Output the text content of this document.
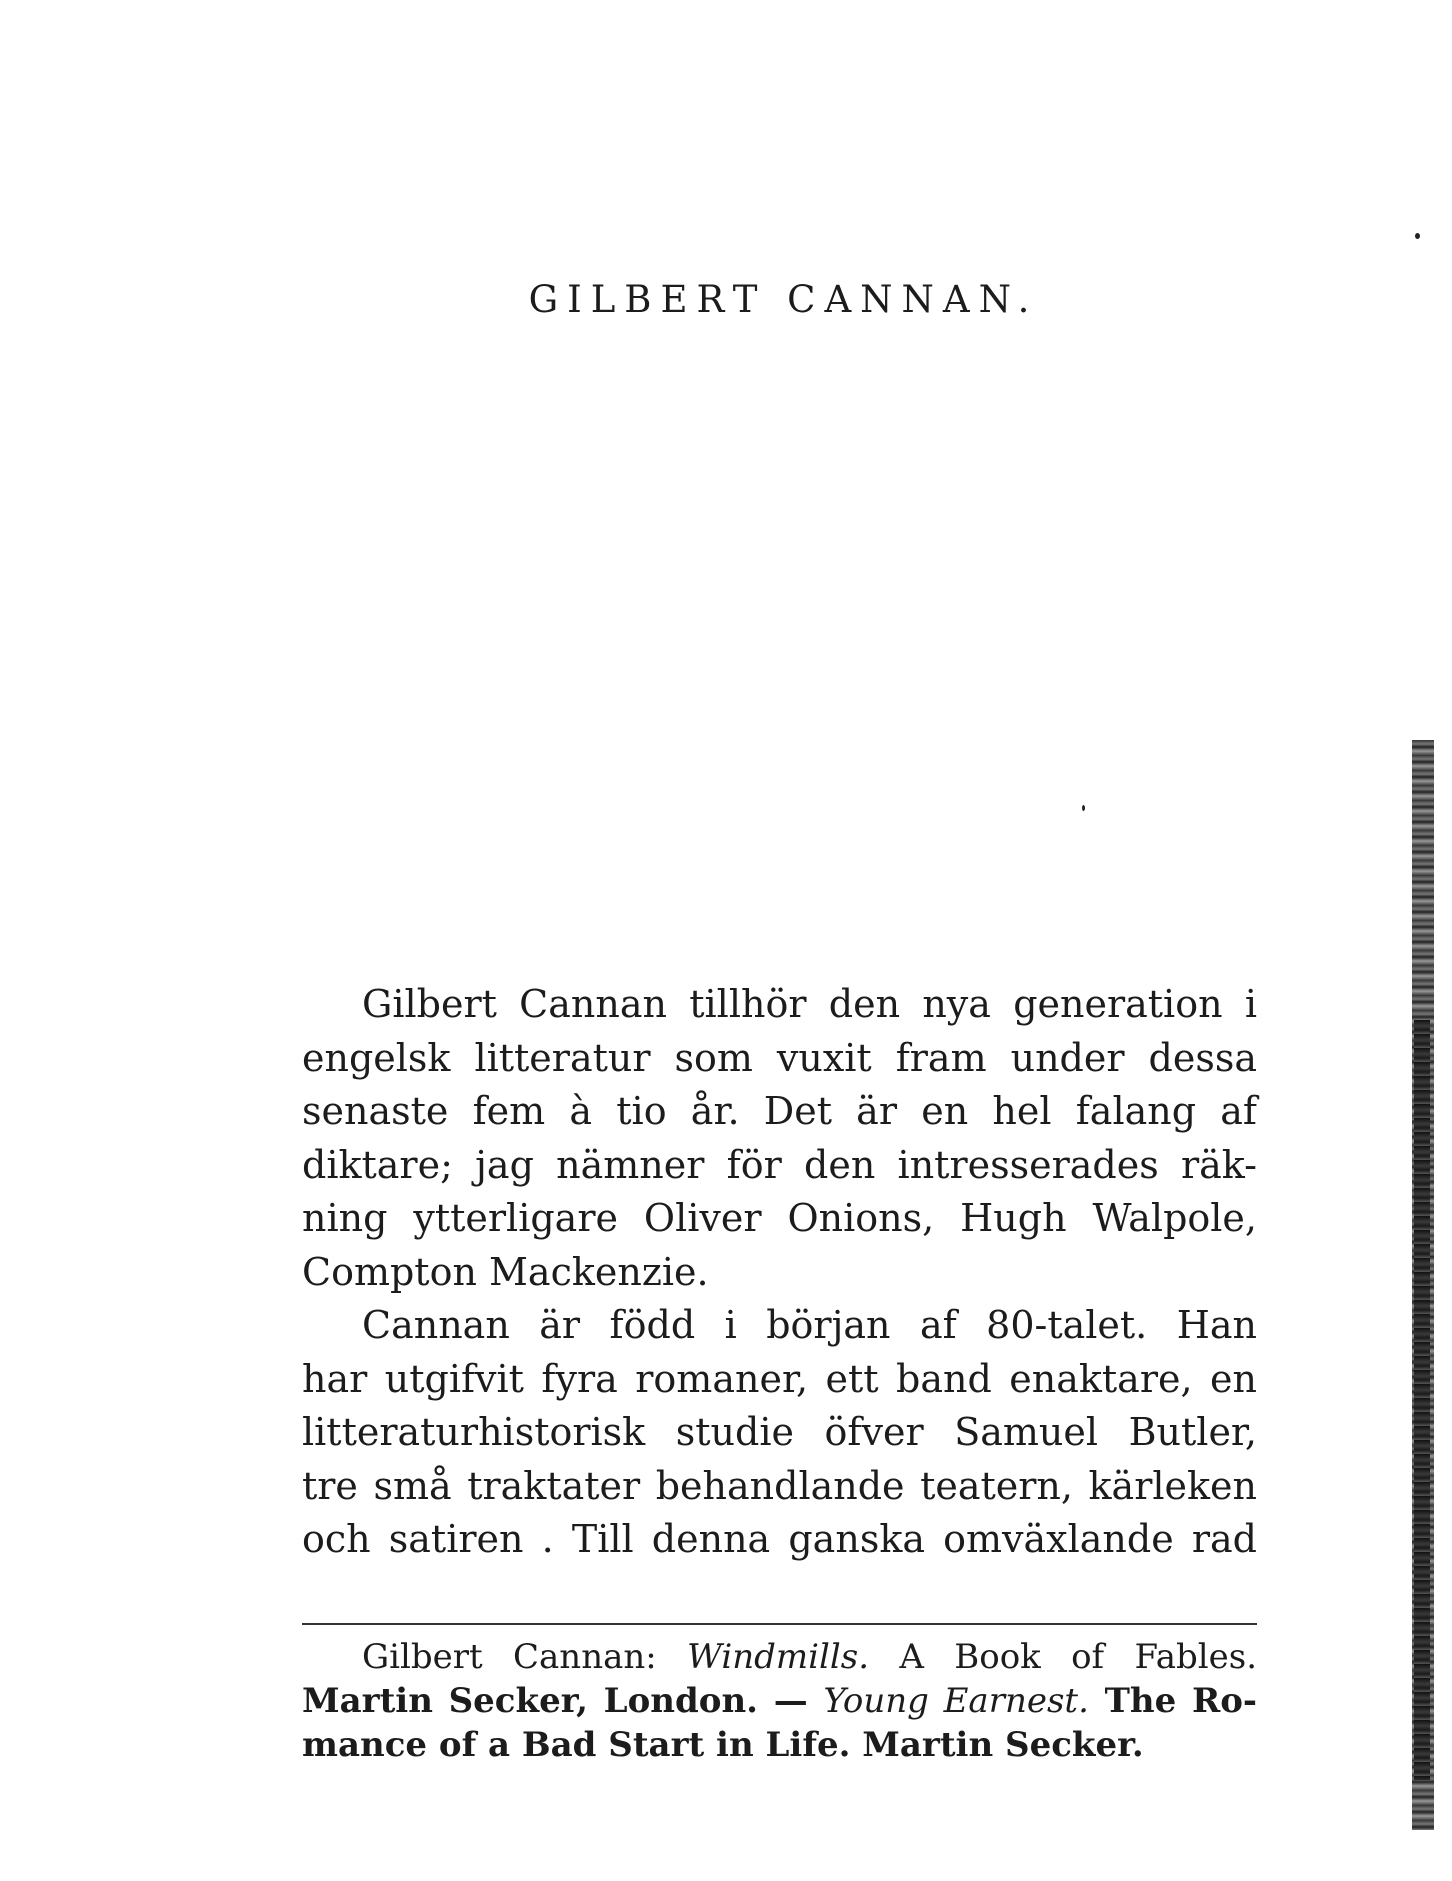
GILBERT CANNAN.
Gilbert Cannan tillhör den nya generation i
engelsk litteratur som vuxit fram under dessa
senaste fem à tio år. Det är en hel falang af
diktare; jag nämner för den intresserades räk-
ning ytterligare Oliver Onions, Hugh Walpole,
Compton Mackenzie.
Cannan är född i början af 80-talet. Han
har utgifvit fyra romaner, ett band enaktare, en
litteraturhistorisk studie öfver Samuel Butler,
tre små traktater behandlande teatern, kärleken
och satiren . Till denna ganska omväxlande rad
Gilbert Cannan: Windmills. A Book of Fables.
Martin Secker, London. — Young Earnest. The Ro-
mance of a Bad Start in Life. Martin Secker.
